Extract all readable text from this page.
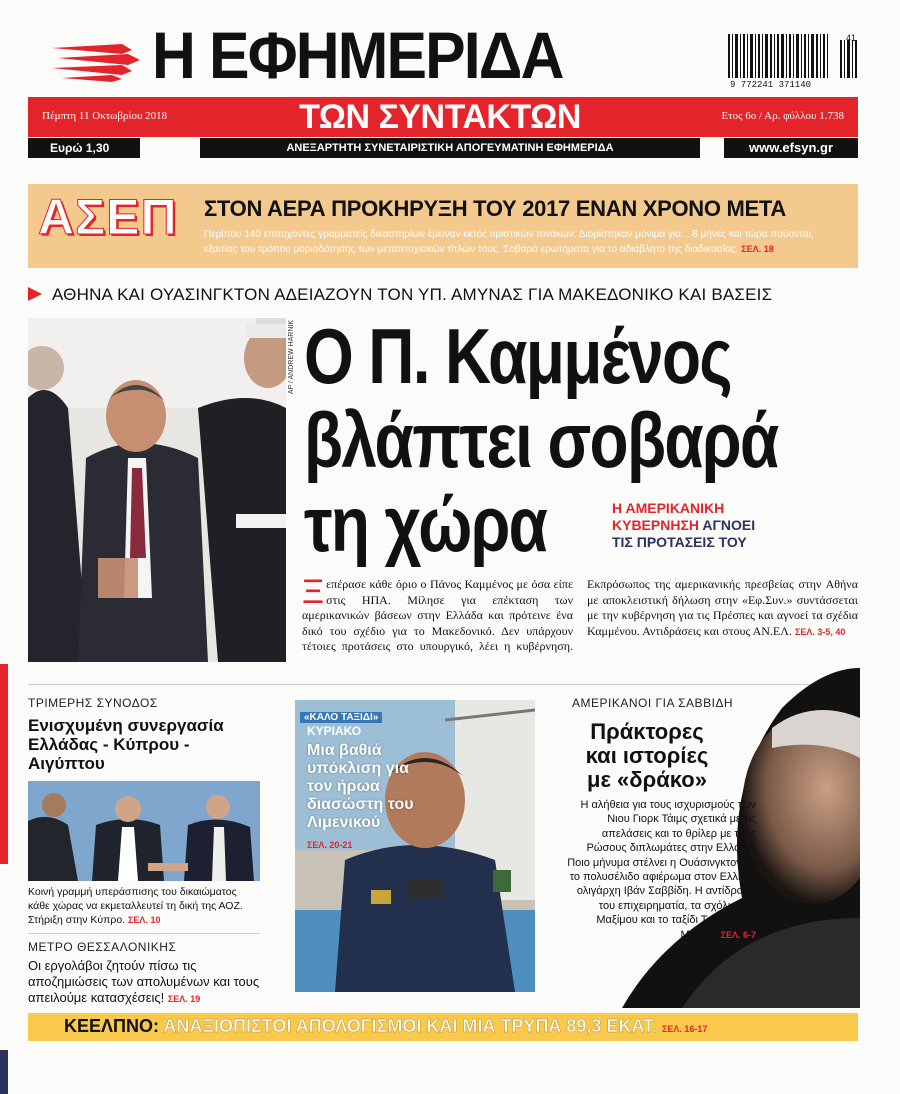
Η ΕΦΗΜΕΡΙΔΑ	41
9 772241 371140
Πέμπτη 11 Οκτωβρίου 2018	ΤΩΝ ΣΥΝΤΑΚΤΩΝ	Ετος 6ο / Αρ. φύλλου 1.738
Ευρώ 1,30	ΑΝΕΞΑΡΤΗΤΗ ΣΥΝΕΤΑΙΡΙΣΤΙΚΗ ΑΠΟΓΕΥΜΑΤΙΝΗ ΕΦΗΜΕΡΙΔΑ	www.efsyn.gr
ΑΣΕΠ ΣΤΟΝ ΑΕΡΑ ΠΡΟΚΗΡΥΞΗ ΤΟΥ 2017 ΕΝΑΝ ΧΡΟΝΟ ΜΕΤΑ
Περίπου 140 επιτυχόντες γραμματείς δικαστηρίων έμειναν εκτός οριστικών πινάκων. Διορίστηκαν μόνιμα για... 8 μήνες και τώρα παύονται, εξαιτίας του τρόπου μοριοδότησης των μεταπτυχιακών τίτλων τους. Σοβαρά ερωτήματα για το αδιάβλητο της διαδικασίας. ΣΕΛ. 18
ΑΘΗΝΑ ΚΑΙ ΟΥΑΣΙΝΓΚΤΟΝ ΑΔΕΙΑΖΟΥΝ ΤΟΝ ΥΠ. ΑΜΥΝΑΣ ΓΙΑ ΜΑΚΕΔΟΝΙΚΟ ΚΑΙ ΒΑΣΕΙΣ
AP / ANDREW HARNIK Ο Π. Καμμένος
βλάπτει σοβαρά
τη χώρα	Η ΑΜΕΡΙΚΑΝΙΚΗ
ΚΥΒΕΡΝΗΣΗ ΑΓΝΟΕΙ
ΤΙΣ ΠΡΟΤΑΣΕΙΣ ΤΟΥ
Ξεπέρασε κάθε όριο ο Πάνος Καμμένος με όσα είπε στις ΗΠΑ. Μίλησε για επέκταση των αμερικανικών βάσεων στην Ελλάδα και πρότεινε ένα δικό του σχέδιο για το Μακεδονικό. Δεν υπάρχουν τέτοιες προτάσεις στο υπουργικό, λέει η κυβέρνηση. Εκπρόσωπος της αμερικανικής πρεσβείας στην Αθήνα με αποκλειστική δήλωση στην «Εφ.Συν.» συντάσσεται με την κυβέρνηση για τις Πρέσπες και αγνοεί τα σχέδια Καμμένου. Αντιδράσεις και στους ΑΝ.ΕΛ. ΣΕΛ. 3-5, 40
ΤΡΙΜΕΡΗΣ ΣΥΝΟΔΟΣ
Ενισχυμένη συνεργασία Ελλάδας - Κύπρου - Αιγύπτου
Κοινή γραμμή υπεράσπισης του δικαιώματος κάθε χώρας να εκμεταλλευτεί τη δική της ΑΟΖ. Στήριξη στην Κύπρο. ΣΕΛ. 10
ΜΕΤΡΟ ΘΕΣΣΑΛΟΝΙΚΗΣ
Οι εργολάβοι ζητούν πίσω τις αποζημιώσεις των απολυμένων και τους απειλούμε κατασχέσεις! ΣΕΛ. 19
«ΚΑΛΟ ΤΑΞΙΔΙ»
ΚΥΡΙΑΚΟ
Μια βαθιά υπόκλιση για τον ήρωα διασώστη του Λιμενικού
ΣΕΛ. 20-21
ΑΜΕΡΙΚΑΝΟΙ ΓΙΑ ΣΑΒΒΙΔΗ
Πράκτορες και ιστορίες με «δράκο»
Η αλήθεια για τους ισχυρισμούς των Νιου Γιορκ Τάιμς σχετικά με τις απελάσεις και το θρίλερ με τους Ρώσους διπλωμάτες στην Ελλάδα. Ποιο μήνυμα στέλνει η Ουάσινγκτον με το πολυσέλιδο αφιέρωμα στον Ελληνα ολιγάρχη Ιβάν Σαββίδη. Η αντίδραση του επιχειρηματία, τα σχόλια του Μαξίμου και το ταξίδι Τσίπρα στη Μόσχα. ΣΕΛ. 6-7
ΚΕΕΛΠΝΟ: ΑΝΑΞΙΟΠΙΣΤΟΙ ΑΠΟΛΟΓΙΣΜΟΙ ΚΑΙ ΜΙΑ ΤΡΥΠΑ 89,3 ΕΚΑΤ. ΣΕΛ. 16-17
